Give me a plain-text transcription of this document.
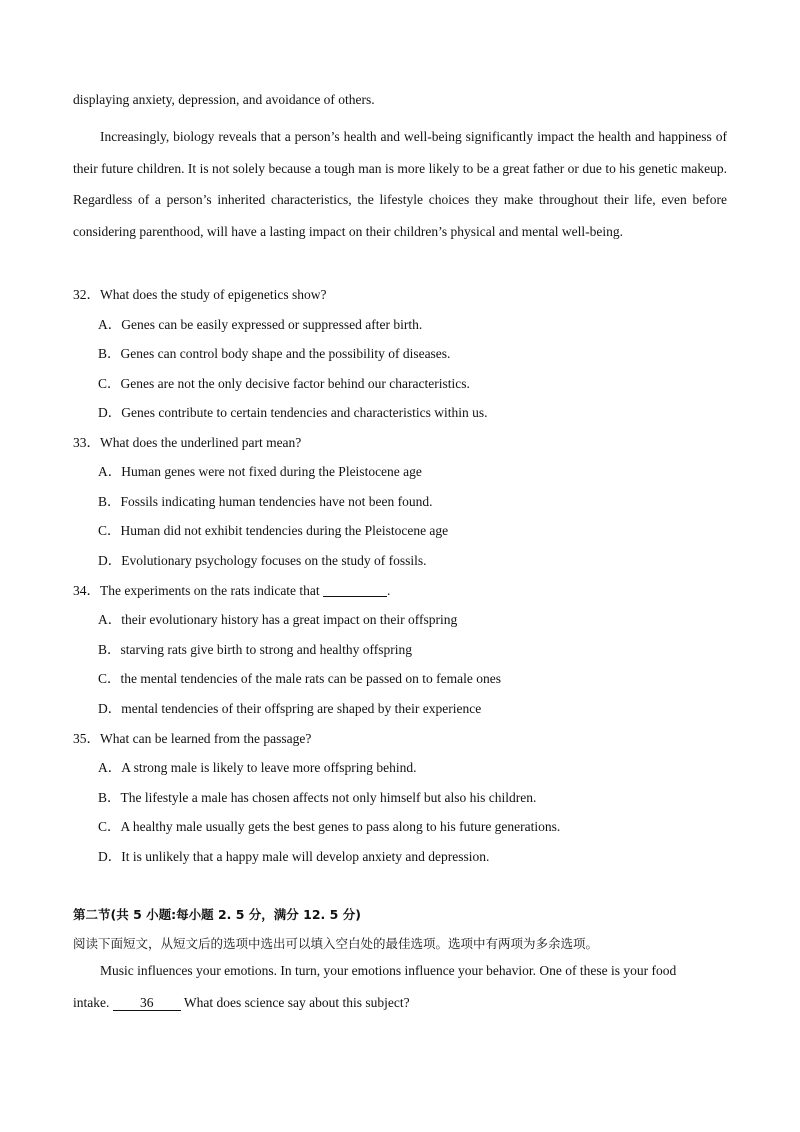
displaying anxiety, depression, and avoidance of others.
Increasingly, biology reveals that a person’s health and well-being significantly impact the health and happiness of their future children. It is not solely because a tough man is more likely to be a great father or due to his genetic makeup. Regardless of a person’s inherited characteristics, the lifestyle choices they make throughout their life, even before considering parenthood, will have a lasting impact on their children’s physical and mental well-being.
32．What does the study of epigenetics show?
A．Genes can be easily expressed or suppressed after birth.
B．Genes can control body shape and the possibility of diseases.
C．Genes are not the only decisive factor behind our characteristics.
D．Genes contribute to certain tendencies and characteristics within us.
33．What does the underlined part mean?
A．Human genes were not fixed during the Pleistocene age
B．Fossils indicating human tendencies have not been found.
C．Human did not exhibit tendencies during the Pleistocene age
D．Evolutionary psychology focuses on the study of fossils.
34．The experiments on the rats indicate that	.
A．their evolutionary history has a great impact on their offspring
B．starving rats give birth to strong and healthy offspring
C．the mental tendencies of the male rats can be passed on to female ones
D．mental tendencies of their offspring are shaped by their experience
35．What can be learned from the passage?
A．A strong male is likely to leave more offspring behind.
B．The lifestyle a male has chosen affects not only himself but also his children.
C．A healthy male usually gets the best genes to pass along to his future generations.
D．It is unlikely that a happy male will develop anxiety and depression.
第二节(共 5 小题:每小题 2. 5 分，满分 12. 5 分)
阅读下面短文，从短文后的选项中选出可以填入空白处的最佳选项。选项中有两项为多余选项。
Music influences your emotions. In turn, your emotions influence your behavior. One of these is your food
intake. 36 What does science say about this subject?
